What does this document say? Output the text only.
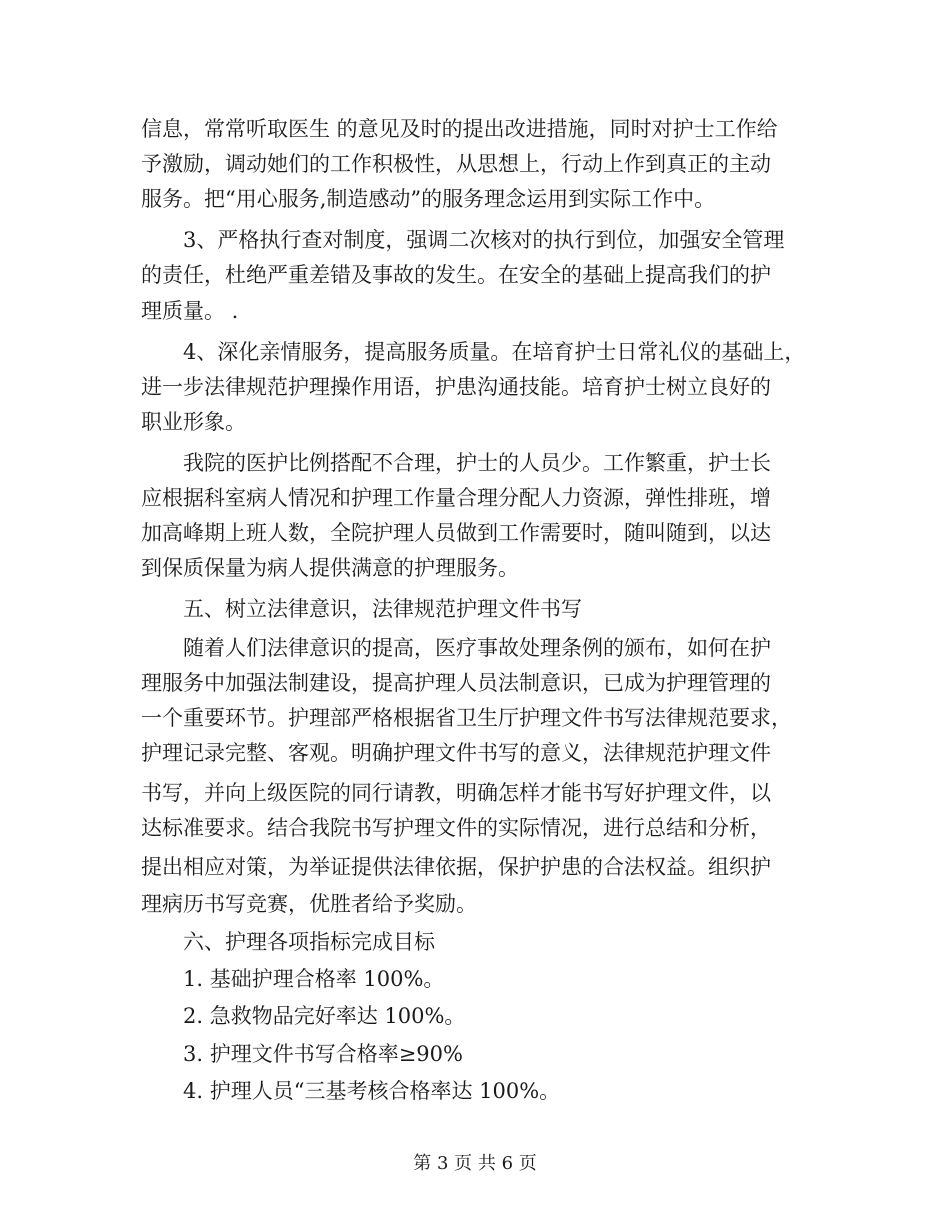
信息，常常听取医生 的意见及时的提出改进措施，同时对护士工作给
予激励，调动她们的工作积极性，从思想上，行动上作到真正的主动
服务。把“用心服务,制造感动”的服务理念运用到实际工作中。
3、严格执行查对制度，强调二次核对的执行到位，加强安全管理
的责任，杜绝严重差错及事故的发生。在安全的基础上提高我们的护
理质量。 .
4、深化亲情服务，提高服务质量。在培育护士日常礼仪的基础上，
进一步法律规范护理操作用语，护患沟通技能。培育护士树立良好的
职业形象。
我院的医护比例搭配不合理，护士的人员少。工作繁重，护士长
应根据科室病人情况和护理工作量合理分配人力资源，弹性排班，增
加高峰期上班人数，全院护理人员做到工作需要时，随叫随到，以达
到保质保量为病人提供满意的护理服务。
五、树立法律意识，法律规范护理文件书写
随着人们法律意识的提高，医疗事故处理条例的颁布，如何在护
理服务中加强法制建设，提高护理人员法制意识，已成为护理管理的
一个重要环节。护理部严格根据省卫生厅护理文件书写法律规范要求，
护理记录完整、客观。明确护理文件书写的意义，法律规范护理文件
书写，并向上级医院的同行请教，明确怎样才能书写好护理文件，以
达标准要求。结合我院书写护理文件的实际情况，进行总结和分析，
提出相应对策，为举证提供法律依据，保护护患的合法权益。组织护
理病历书写竞赛，优胜者给予奖励。
六、护理各项指标完成目标
1. 基础护理合格率 100%。
2. 急救物品完好率达 100%。
3. 护理文件书写合格率≥90%
4. 护理人员“三基考核合格率达 100%。
第 3 页 共 6 页
